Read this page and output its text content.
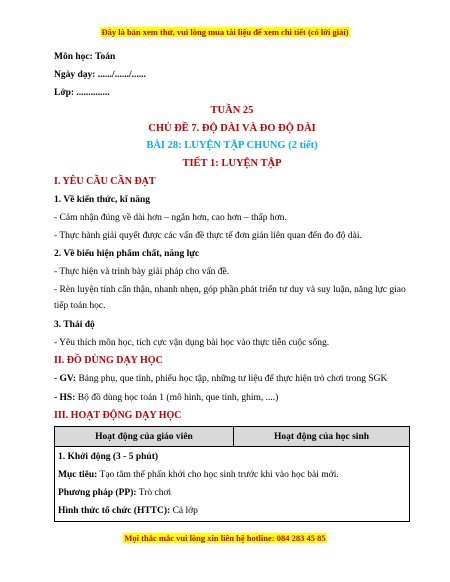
Đây là bản xem thử, vui lòng mua tài liệu để xem chi tiết (có lời giải)

Môn học: Toán

Ngày dạy: ....../....../......

Lớp: ..............

TUẦN 25

CHỦ ĐỀ 7. ĐỘ DÀI VÀ ĐO ĐỘ DÀI

BÀI 28: LUYỆN TẬP CHUNG (2 tiết)

TIẾT 1: LUYỆN TẬP

I. YÊU CẦU CẦN ĐẠT

1. Về kiến thức, kĩ năng

- Cảm nhận đúng về dài hơn – ngắn hơn, cao hơn – thấp hơn.

- Thực hành giải quyết được các vấn đề thực tế đơn giản liên quan đến đo độ dài.

2. Về biểu hiện phẩm chất, năng lực

- Thực hiện và trình bày giải pháp cho vấn đề.

- Rèn luyện tính cẩn thận, nhanh nhẹn, góp phần phát triển tư duy và suy luận, năng lực giao tiếp toán học.

3. Thái độ

- Yêu thích môn học, tích cực vận dụng bài học vào thực tiễn cuộc sống.

II. ĐỒ DÙNG DẠY HỌC

- GV: Bảng phụ, que tính, phiếu học tập, những tư liệu để thực hiện trò chơi trong SGK

- HS: Bộ đồ dùng học toán 1 (mô hình, que tính, ghim, ....)

III. HOẠT ĐỘNG DẠY HỌC

Hoạt động của giáo viên	Hoạt động của học sinh

1. Khởi động (3 - 5 phút)
Mục tiêu: Tạo tâm thế phấn khởi cho học sinh trước khi vào học bài mới.
Phương pháp (PP): Trò chơi
Hình thức tổ chức (HTTC): Cả lớp
Mọi thắc mắc vui lòng xin liên hệ hotline: 084 283 45 85
